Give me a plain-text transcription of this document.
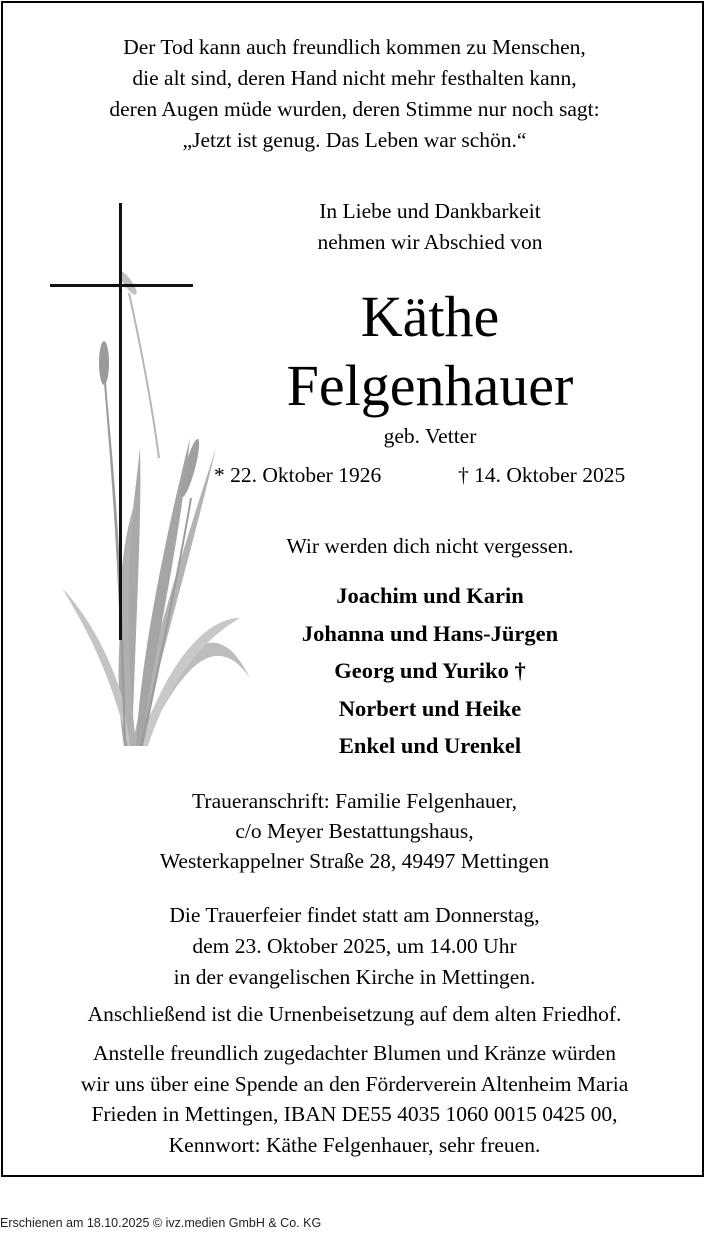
Der Tod kann auch freundlich kommen zu Menschen,
die alt sind, deren Hand nicht mehr festhalten kann,
deren Augen müde wurden, deren Stimme nur noch sagt:
„Jetzt ist genug. Das Leben war schön.“
In Liebe und Dankbarkeit
nehmen wir Abschied von
Käthe
Felgenhauer
geb. Vetter
* 22. Oktober 1926	† 14. Oktober 2025
Wir werden dich nicht vergessen.
Joachim und Karin
Johanna und Hans-Jürgen
Georg und Yuriko †
Norbert und Heike
Enkel und Urenkel
Traueranschrift: Familie Felgenhauer,
c/o Meyer Bestattungshaus,
Westerkappelner Straße 28, 49497 Mettingen
Die Trauerfeier findet statt am Donnerstag,
dem 23. Oktober 2025, um 14.00 Uhr
in der evangelischen Kirche in Mettingen.
Anschließend ist die Urnenbeisetzung auf dem alten Friedhof.
Anstelle freundlich zugedachter Blumen und Kränze würden
wir uns über eine Spende an den Förderverein Altenheim Maria
Frieden in Mettingen, IBAN DE55 4035 1060 0015 0425 00,
Kennwort: Käthe Felgenhauer, sehr freuen.
Erschienen am 18.10.2025 © ivz.medien GmbH & Co. KG
